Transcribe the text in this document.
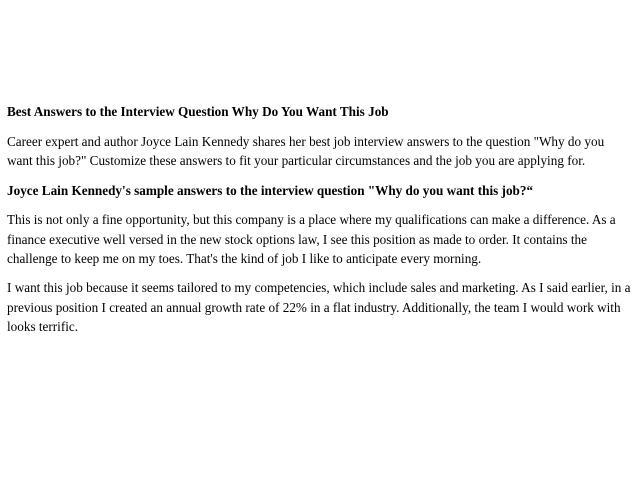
Best Answers to the Interview Question Why Do You Want This Job

Career expert and author Joyce Lain Kennedy shares her best job interview answers to the question "Why do you want this job?" Customize these answers to fit your particular circumstances and the job you are applying for.

Joyce Lain Kennedy's sample answers to the interview question "Why do you want this job?“

This is not only a fine opportunity, but this company is a place where my qualifications can make a difference. As a finance executive well versed in the new stock options law, I see this position as made to order. It contains the challenge to keep me on my toes. That's the kind of job I like to anticipate every morning.

I want this job because it seems tailored to my competencies, which include sales and marketing. As I said earlier, in a previous position I created an annual growth rate of 22% in a flat industry. Additionally, the team I would work with looks terrific.
